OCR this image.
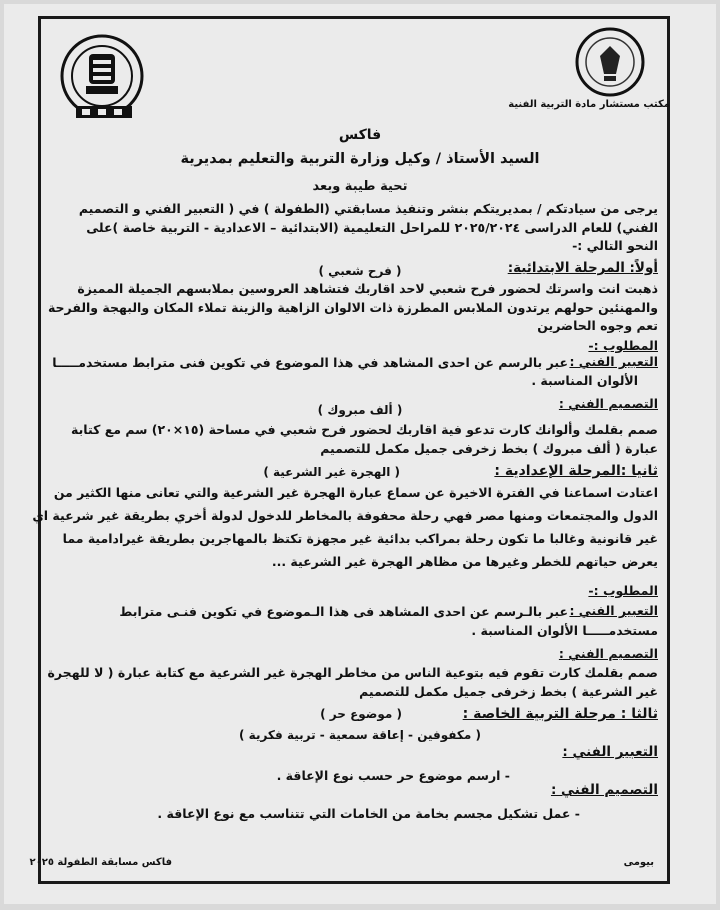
مكتب مستشار مادة التربية الفنية
فاكس
السيد الأستاذ / وكيل وزارة التربية والتعليم بمديرية
تحية طيبة وبعد
يرجى من سيادتكم / بمديريتكم بنشر وتنفيذ مسابقتي (الطفولة ) في ( التعبير الفني و التصميم
الفني) للعام الدراسى ٢٠٢٥/٢٠٢٤ للمراحل التعليمية (الابتدائية – الاعدادية - التربية خاصة )على
النحو التالي :-
أولاً: المرحلة الابتدائية:
( فرح شعبي )
ذهبت انت واسرتك لحضور فرح شعبي لاحد اقاربك فتشاهد العروسين بملابسهم الجميلة المميزة
والمهنئين حولهم يرتدون الملابس المطرزة ذات الالوان الزاهية والزينة تملاء المكان والبهجة والفرحة
تعم وجوه الحاضرين
المطلوب :-
التعبير الفني :
عبر بالرسم عن احدى المشاهد في هذا الموضوع في تكوين فنى مترابط مستخدمـــــا
الألوان المناسبة .
التصميم الفني :
( ألف مبروك )
صمم بقلمك وألوانك كارت تدعو فية اقاربك لحضور فرح شعبي في مساحة (١٥×٢٠) سم مع كتابة
عبارة ( ألف مبروك ) بخط زخرفى جميل مكمل للتصميم
ثانيا :المرحلة الإعدادية :
( الهجرة غير الشرعية )
اعتادت اسماعنا في الفترة الاخيرة عن سماع عبارة الهجرة غير الشرعية والتي تعانى منها الكثير من
الدول والمجتمعات ومنها مصر فهي رحلة محفوفة بالمخاطر للدخول لدولة أخري بطريقة غير شرعية اي
غير قانونية وغالبا ما تكون رحلة بمراكب بدائية غير مجهزة تكتظ بالمهاجرين بطريقة غيرادامية مما
يعرض حياتهم للخطر وغيرها من مظاهر الهجرة غير الشرعية ...
المطلوب :-
التعبير الفني :
عبر بالـرسم عن احدى المشاهد فى هذا الـموضوع في تكوين فنـى مترابط
مستخدمـــــا الألوان المناسبة .
التصميم الفني :
صمم بقلمك كارت تقوم فيه بتوعية الناس من مخاطر الهجرة غير الشرعية مع كتابة عبارة ( لا للهجرة
غير الشرعية ) بخط زخرفى جميل مكمل للتصميم
ثالثا : مرحلة التربية الخاصة :
( موضوع حر )
( مكفوفين - إعاقة سمعية - تربية فكرية )
التعبير الفني :
- ارسم موضوع حر حسب نوع الإعاقة .
التصميم الفني :
- عمل تشكيل مجسم بخامة من الخامات التي تتناسب مع نوع الإعاقة .
فاكس مسابقة الطفولة ٢٠٢٥	بيومى
